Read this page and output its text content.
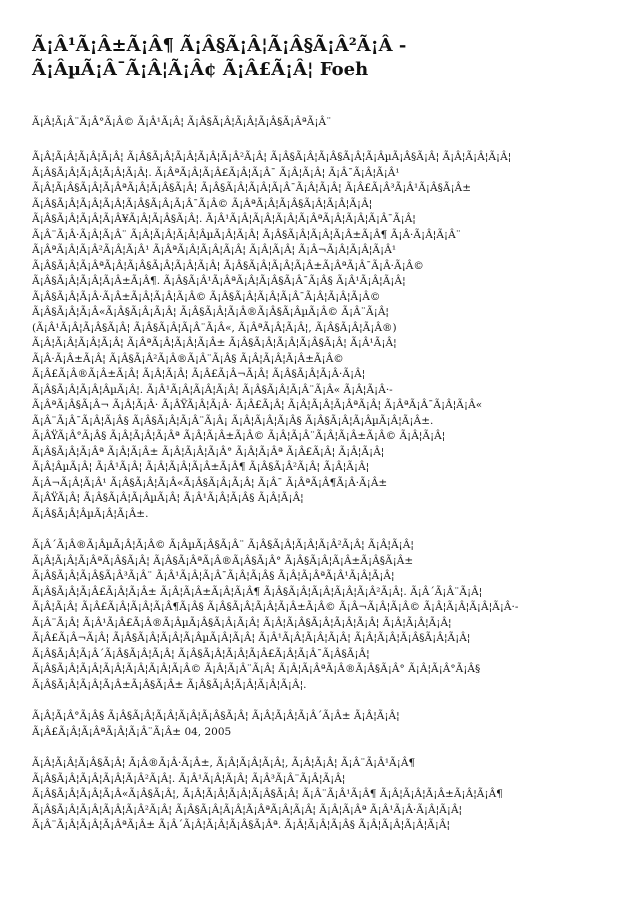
Ã¡Â¹Ã¡Â±Ã¡Â¶ Ã¡Â§Ã¡Â¦Ã¡Â§Ã¡Â²Ã¡Â -
Ã¡ÂµÃ¡Â¯Ã¡Â¦Ã¡Â¢ Ã¡Â£Ã¡Â¦ Foeh
Ã¡Â¦Ã¡Â¨Ã¡Â°Ã¡Â© Ã¡Â¹Ã¡Â¦ Ã¡Â§Ã¡Â¦Ã¡Â¦Ã¡Â§Ã¡ÂªÃ¡Â¨
Ã¡Â¦Ã¡Â¦Ã¡Â¦Ã¡Â¦ Ã¡Â§Ã¡Â¦Ã¡Â¦Ã¡Â¦Ã¡Â²Ã¡Â¦ Ã¡Â§Ã¡Â¦Ã¡Â§Ã¡Â¦Ã¡ÂµÃ¡Â§Ã¡Â¦ Ã¡Â¦Ã¡Â¦Ã¡Â¦
Ã¡Â§Ã¡Â¦Ã¡Â¦Ã¡Â¦Ã¡Â¦. Ã¡ÂªÃ¡Â¦Ã¡Â£Ã¡Â¦Ã¡Â¯ Ã¡Â¦Ã¡Â¦ Ã¡Â¯Ã¡Â¦Ã¡Â¹
Ã¡Â¦Ã¡Â§Ã¡Â¦Ã¡ÂªÃ¡Â¦Ã¡Â§Ã¡Â¦ Ã¡Â§Ã¡Â¦Ã¡Â¦Ã¡Â¯Ã¡Â¦Ã¡Â¦ Ã¡Â£Ã¡Â³Ã¡Â¹Ã¡Â§Ã¡Â±
Ã¡Â§Ã¡Â¦Ã¡Â¦Ã¡Â¦Ã¡Â§Ã¡Â¡Ã¡Â¯Ã¡Â© Ã¡ÂªÃ¡Â¦Ã¡Â§Ã¡Â¦Ã¡Â¦Ã¡Â¦
Ã¡Â§Ã¡Â¦Ã¡Â¦Ã¡Â¥Ã¡Â¦Ã¡Â§Ã¡Â¦. Ã¡Â¹Ã¡Â¦Ã¡Â¦Ã¡Â¦Ã¡ÂªÃ¡Â¦Ã¡Â¦Ã¡Â¯Ã¡Â¦
Ã¡Â¨Ã¡Â·Ã¡Â¦Ã¡Â¨ Ã¡Â¦Ã¡Â¦Ã¡Â¦ÂµÃ¡Â¦Ã¡Â¦ Ã¡Â§Ã¡Â¦Ã¡Â¦Ã¡Â±Ã¡Â¶ Ã¡Â·Ã¡Â¦Ã¡Â¨
Ã¡ÂªÃ¡Â¦Ã¡Â²Ã¡Â¦Ã¡Â¹ Ã¡ÂªÃ¡Â¦Ã¡Â¦Ã¡Â¦ Ã¡Â¦Ã¡Â¦ Ã¡Â¬Ã¡Â¦Ã¡Â¦Ã¡Â¹
Ã¡Â§Ã¡Â¦Ã¡ÂªÃ¡Â¦Ã¡Â§Ã¡Â¦Ã¡Â¦Ã¡Â¦ Ã¡Â§Ã¡Â¦Ã¡Â¦Ã¡Â±Ã¡ÂªÃ¡Â¯Ã¡Â·Ã¡Â©
Ã¡Â§Ã¡Â¦Ã¡Â¦Ã¡Â±Ã¡Â¶. Ã¡Â§Ã¡Â¹Ã¡ÂªÃ¡Â¦Ã¡Â§Ã¡Â¯Ã¡Â§ Ã¡Â¹Ã¡Â¦Ã¡Â¦
Ã¡Â§Ã¡Â¦Ã¡Â·Ã¡Â±Ã¡Â¦Ã¡Â¦Ã¡Â© Ã¡Â§Ã¡Â¦Ã¡Â¦Ã¡Â¯Ã¡Â¦Ã¡Â¦Ã¡Â©
Ã¡Â§Ã¡Â¦Ã¡Â«Ã¡Â§Ã¡Â¡Ã¡Â¦ Ã¡Â§Ã¡Â¦Ã¡Â®Ã¡Â§Ã¡ÂµÃ¡Â© Ã¡Â¨Ã¡Â¦
(Ã¡Â¹Ã¡Â¦Ã¡Â§Ã¡Â¦ Ã¡Â§Ã¡Â¦Ã¡Â¨Ã¡Â«, Ã¡ÂªÃ¡Â¦Ã¡Â¦, Ã¡Â§Ã¡Â¦Ã¡Â®)
Ã¡Â¦Ã¡Â¦Ã¡Â¦Ã¡Â¦ Ã¡ÂªÃ¡Â¦Ã¡Â¦Ã¡Â± Ã¡Â§Ã¡Â¦Ã¡Â¦Ã¡Â§Ã¡Â¦ Ã¡Â¹Ã¡Â¦
Ã¡Â·Ã¡Â±Ã¡Â¦ Ã¡Â§Ã¡Â²Ã¡Â®Ã¡Â¨Ã¡Â§ Ã¡Â¦Ã¡Â¦Ã¡Â±Ã¡Â©
Ã¡Â£Ã¡Â®Ã¡Â±Ã¡Â¦ Ã¡Â¦Ã¡Â¦ Ã¡Â£Ã¡Â¬Ã¡Â¦ Ã¡Â§Ã¡Â¦Ã¡Â·Ã¡Â¦
Ã¡Â§Ã¡Â¦Ã¡Â¦ÂµÃ¡Â¦. Ã¡Â¹Ã¡Â¦Ã¡Â¦Ã¡Â¦ Ã¡Â§Ã¡Â¦Ã¡Â¨Ã¡Â« Ã¡Â¦Ã¡Â·-
Ã¡ÂªÃ¡Â§Ã¡Â¬ Ã¡Â¦Ã¡Â· Ã¡ÂŸÃ¡Â¦Ã¡Â· Ã¡Â£Ã¡Â¦ Ã¡Â¦Ã¡Â¦Ã¡ÂªÃ¡Â¦ Ã¡ÂªÃ¡Â¯Ã¡Â¦Ã¡Â«
Ã¡Â¨Ã¡Â¯Ã¡Â¦Ã¡Â§ Ã¡Â§Ã¡Â¦Ã¡Â¨Ã¡Â¡ Ã¡Â¦Ã¡Â¦Ã¡Â§ Ã¡Â§Ã¡Â¦Ã¡ÂµÃ¡Â¦Ã¡Â±.
Ã¡ÂŸÃ¡Â°Ã¡Â§ Ã¡Â¦Ã¡Â¦Ã¡Âª Ã¡Â¦Ã¡Â±Ã¡Â© Ã¡Â¦Ã¡Â¨Ã¡Â¦Ã¡Â±Ã¡Â© Ã¡Â¦Ã¡Â¦
Ã¡Â§Ã¡Â¦Ã¡Âª Ã¡Â¦Ã¡Â± Ã¡Â¦Ã¡Â¦Ã¡Â° Ã¡Â¦Ã¡Âª Ã¡Â£Ã¡Â¦ Ã¡Â¦Ã¡Â¦
Ã¡Â¦ÂµÃ¡Â¦ Ã¡Â¹Ã¡Â¦ Ã¡Â¦Ã¡Â¦Ã¡Â±Ã¡Â¶ Ã¡Â§Ã¡Â²Ã¡Â¦ Ã¡Â¦Ã¡Â¦
Ã¡Â¬Ã¡Â¦Ã¡Â¹ Ã¡Â§Ã¡Â¦Ã¡Â«Ã¡Â§Ã¡Â¡Ã¡Â¦ Ã¡Â¯ Ã¡ÂªÃ¡Â¶Ã¡Â·Ã¡Â±
Ã¡ÂŸÃ¡Â¦ Ã¡Â§Ã¡Â¦Ã¡ÂµÃ¡Â¦ Ã¡Â¹Ã¡Â¦Ã¡Â§ Ã¡Â¦Ã¡Â¦
Ã¡Â§Ã¡Â¦ÂµÃ¡Â¦Ã¡Â±.
Ã¡Â´Ã¡Â®Ã¡ÂµÃ¡Â¦Ã¡Â© Ã¡ÂµÃ¡Â§Ã¡Â¨ Ã¡Â§Ã¡Â¦Ã¡Â¦Ã¡Â²Ã¡Â¦ Ã¡Â¦Ã¡Â¦
Ã¡Â¦Ã¡Â¦Ã¡ÂªÃ¡Â§Ã¡Â¦ Ã¡Â§Ã¡ÂªÃ¡Â®Ã¡Â§Ã¡Â° Ã¡Â§Ã¡Â¦Ã¡Â±Ã¡Â§Ã¡Â±
Ã¡Â§Ã¡Â¦Ã¡Â§Ã¡Â³Ã¡Â¨ Ã¡Â¹Ã¡Â¦Ã¡Â¯Ã¡Â¦Ã¡Â§ Ã¡Â¦Ã¡ÂªÃ¡Â¹Ã¡Â¦Ã¡Â¦
Ã¡Â§Ã¡Â¦Ã¡Â£Ã¡Â¦Ã¡Â± Ã¡Â¦Ã¡Â±Ã¡Â¦Ã¡Â¶ Ã¡Â§Ã¡Â¦Ã¡Â¦Ã¡Â¦Ã¡Â²Ã¡Â¦. Ã¡Â´Ã¡Â¨Ã¡Â¦
Ã¡Â¦Ã¡Â¦ Ã¡Â£Ã¡Â¦Ã¡Â¦Ã¡Â¶Ã¡Â§ Ã¡Â§Ã¡Â¦Ã¡Â¦Ã¡Â±Ã¡Â© Ã¡Â¬Ã¡Â¦Ã¡Â© Ã¡Â¦Ã¡Â¦Ã¡Â¦Ã¡Â·-
Ã¡Â¨Ã¡Â¦ Ã¡Â¹Ã¡Â£Ã¡Â®Ã¡ÂµÃ¡Â§Ã¡Â¡Ã¡Â¦ Ã¡Â¦Ã¡Â§Ã¡Â¦Ã¡Â¦Ã¡Â¦ Ã¡Â¦Ã¡Â¦Ã¡Â¦
Ã¡Â£Ã¡Â¬Ã¡Â¦ Ã¡Â§Ã¡Â¦Ã¡Â¦Ã¡ÂµÃ¡Â¦Ã¡Â¦ Ã¡Â¹Ã¡Â¦Ã¡Â¦Ã¡Â¦ Ã¡Â¦Ã¡Â¦Ã¡Â§Ã¡Â¦Ã¡Â¦
Ã¡Â§Ã¡Â¦Ã¡Â´Ã¡Â§Ã¡Â¦Ã¡Â¦ Ã¡Â§Ã¡Â¦Ã¡Â¦Ã¡Â£Ã¡Â¦Ã¡Â¯Ã¡Â§Ã¡Â¦
Ã¡Â§Ã¡Â¦Ã¡Â¦Ã¡Â¦Ã¡Â¦Ã¡Â¦Ã¡Â© Ã¡Â¦Ã¡Â¨Ã¡Â¦ Ã¡Â¦Ã¡ÂªÃ¡Â®Ã¡Â§Ã¡Â° Ã¡Â¦Ã¡Â°Ã¡Â§
Ã¡Â§Ã¡Â¦Ã¡Â¦Ã¡Â±Ã¡Â§Ã¡Â± Ã¡Â§Ã¡Â¦Ã¡Â¦Ã¡Â¦Ã¡Â¦.
Ã¡Â¦Ã¡Â°Ã¡Â§ Ã¡Â§Ã¡Â¦Ã¡Â¦Ã¡Â¦Ã¡Â§Ã¡Â¦ Ã¡Â¦Ã¡Â¦Ã¡Â´Ã¡Â± Ã¡Â¦Ã¡Â¦
Ã¡Â£Ã¡Â¦Ã¡ÂªÃ¡Â¦Ã¡Â¨Ã¡Â± 04, 2005
Ã¡Â¦Ã¡Â¦Ã¡Â§Ã¡Â¦ Ã¡Â®Ã¡Â·Ã¡Â±, Ã¡Â¦Ã¡Â¦Ã¡Â¦, Ã¡Â¦Ã¡Â¦ Ã¡Â¨Ã¡Â¹Ã¡Â¶
Ã¡Â§Ã¡Â¦Ã¡Â¦Ã¡Â¦Ã¡Â²Ã¡Â¦. Ã¡Â¹Ã¡Â¦Ã¡Â¦ Ã¡Â³Ã¡Â¨Ã¡Â¦Ã¡Â¦
Ã¡Â§Ã¡Â¦Ã¡Â¦Ã¡Â«Ã¡Â§Ã¡Â¦, Ã¡Â¦Ã¡Â¦Ã¡Â¦Ã¡Â§Ã¡Â¦ Ã¡Â¨Ã¡Â¹Ã¡Â¶ Ã¡Â¦Ã¡Â¦Ã¡Â±Ã¡Â¦Ã¡Â¶
Ã¡Â§Ã¡Â¦Ã¡Â¦Ã¡Â¦Ã¡Â²Ã¡Â¦ Ã¡Â§Ã¡Â¦Ã¡Â¦Ã¡ÂªÃ¡Â¦Ã¡Â¦ Ã¡Â¦Ã¡Âª Ã¡Â¹Ã¡Â·Ã¡Â¦Ã¡Â¦
Ã¡Â¨Ã¡Â¦Ã¡Â¦Ã¡ÂªÃ¡Â± Ã¡Â´Ã¡Â¦Ã¡Â¦Ã¡Â§Ã¡Âª. Ã¡Â¦Ã¡Â¦Ã¡Â§ Ã¡Â¦Ã¡Â¦Ã¡Â¦Ã¡Â¦
